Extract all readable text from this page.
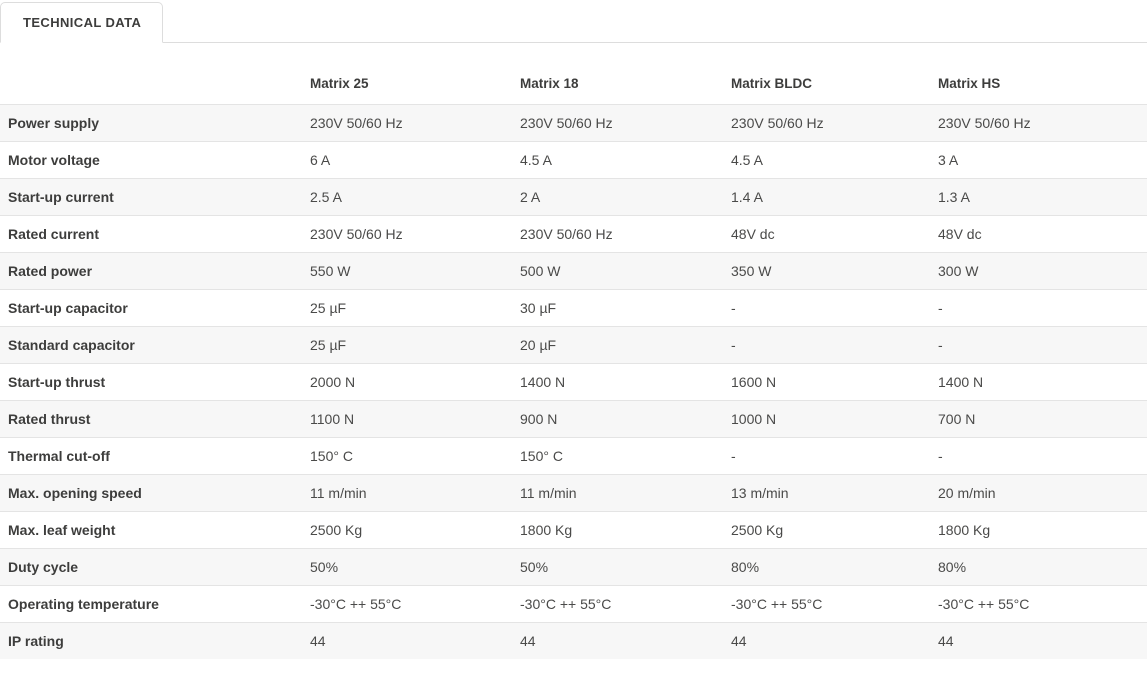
TECHNICAL DATA
	Matrix 25	Matrix 18	Matrix BLDC	Matrix HS
Power supply	230V 50/60 Hz	230V 50/60 Hz	230V 50/60 Hz	230V 50/60 Hz
Motor voltage	6 A	4.5 A	4.5 A	3 A
Start-up current	2.5 A	2 A	1.4 A	1.3 A
Rated current	230V 50/60 Hz	230V 50/60 Hz	48V dc	48V dc
Rated power	550 W	500 W	350 W	300 W
Start-up capacitor	25 µF	30 µF	-	-
Standard capacitor	25 µF	20 µF	-	-
Start-up thrust	2000 N	1400 N	1600 N	1400 N
Rated thrust	1100 N	900 N	1000 N	700 N
Thermal cut-off	150° C	150° C	-	-
Max. opening speed	11 m/min	11 m/min	13 m/min	20 m/min
Max. leaf weight	2500 Kg	1800 Kg	2500 Kg	1800 Kg
Duty cycle	50%	50%	80%	80%
Operating temperature	-30°C ++ 55°C	-30°C ++ 55°C	-30°C ++ 55°C	-30°C ++ 55°C
IP rating	44	44	44	44
